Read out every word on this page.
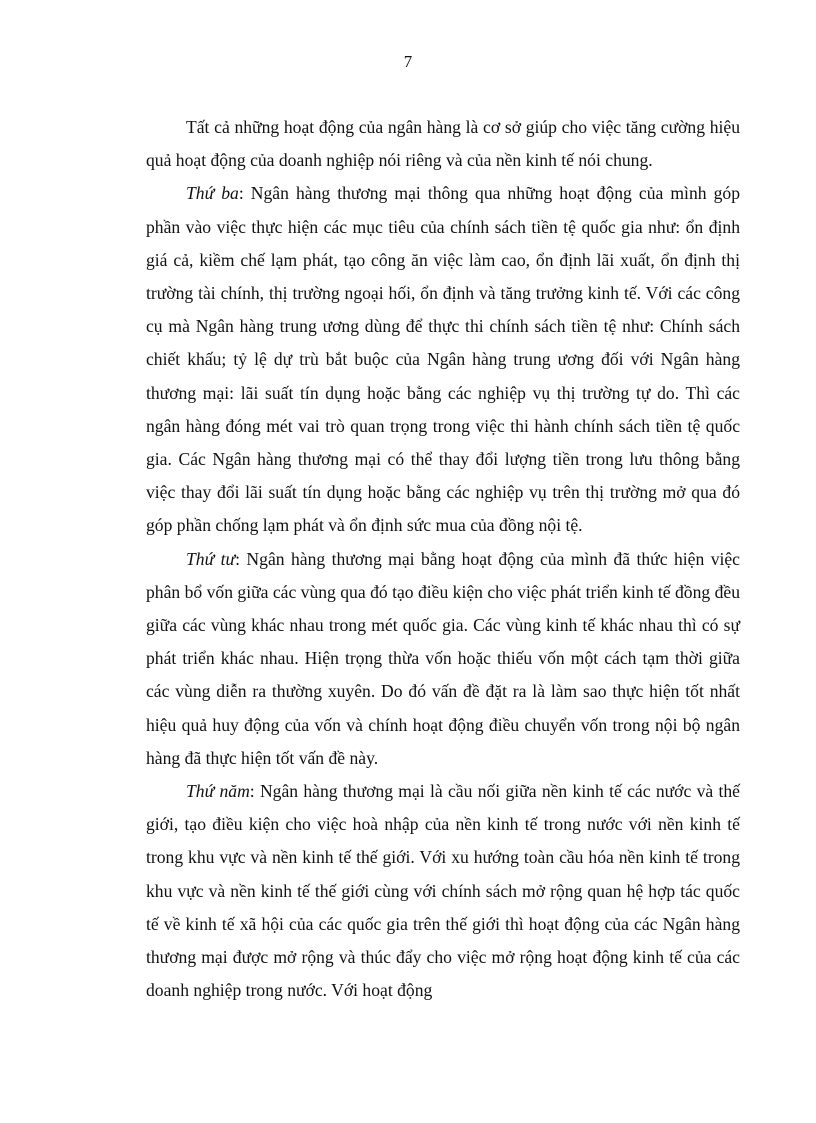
7

Tất cả những hoạt động của ngân hàng là cơ sở giúp cho việc tăng cường hiệu quả hoạt động của doanh nghiệp nói riêng và của nền kinh tế nói chung.

Thứ ba: Ngân hàng thương mại thông qua những hoạt động của mình góp phần vào việc thực hiện các mục tiêu của chính sách tiền tệ quốc gia như: ổn định giá cả, kiềm chế lạm phát, tạo công ăn việc làm cao, ổn định lãi xuất, ổn định thị trường tài chính, thị trường ngoại hối, ổn định và tăng trưởng kinh tế. Với các công cụ mà Ngân hàng trung ương dùng để thực thi chính sách tiền tệ như: Chính sách chiết khấu; tỷ lệ dự trù bắt buộc của Ngân hàng trung ương đối với Ngân hàng thương mại: lãi suất tín dụng hoặc bằng các nghiệp vụ thị trường tự do. Thì các ngân hàng đóng mét vai trò quan trọng trong việc thi hành chính sách tiền tệ quốc gia. Các Ngân hàng thương mại có thể thay đổi lượng tiền trong lưu thông bằng việc thay đổi lãi suất tín dụng hoặc bằng các nghiệp vụ trên thị trường mở qua đó góp phần chống lạm phát và ổn định sức mua của đồng nội tệ.

Thứ tư: Ngân hàng thương mại bằng hoạt động của mình đã thức hiện việc phân bổ vốn giữa các vùng qua đó tạo điều kiện cho việc phát triển kinh tế đồng đều giữa các vùng khác nhau trong mét quốc gia. Các vùng kinh tế khác nhau thì có sự phát triển khác nhau. Hiện trọng thừa vốn hoặc thiếu vốn một cách tạm thời giữa các vùng diễn ra thường xuyên. Do đó vấn đề đặt ra là làm sao thực hiện tốt nhất hiệu quả huy động của vốn và chính hoạt động điều chuyển vốn trong nội bộ ngân hàng đã thực hiện tốt vấn đề này.

Thứ năm: Ngân hàng thương mại là cầu nối giữa nền kinh tế các nước và thế giới, tạo điều kiện cho việc hoà nhập của nền kinh tế trong nước với nền kinh tế trong khu vực và nền kinh tế thế giới. Với xu hướng toàn cầu hóa nền kinh tế trong khu vực và nền kinh tế thế giới cùng với chính sách mở rộng quan hệ hợp tác quốc tế về kinh tế xã hội của các quốc gia trên thế giới thì hoạt động của các Ngân hàng thương mại được mở rộng và thúc đẩy cho việc mở rộng hoạt động kinh tế của các doanh nghiệp trong nước. Với hoạt động
